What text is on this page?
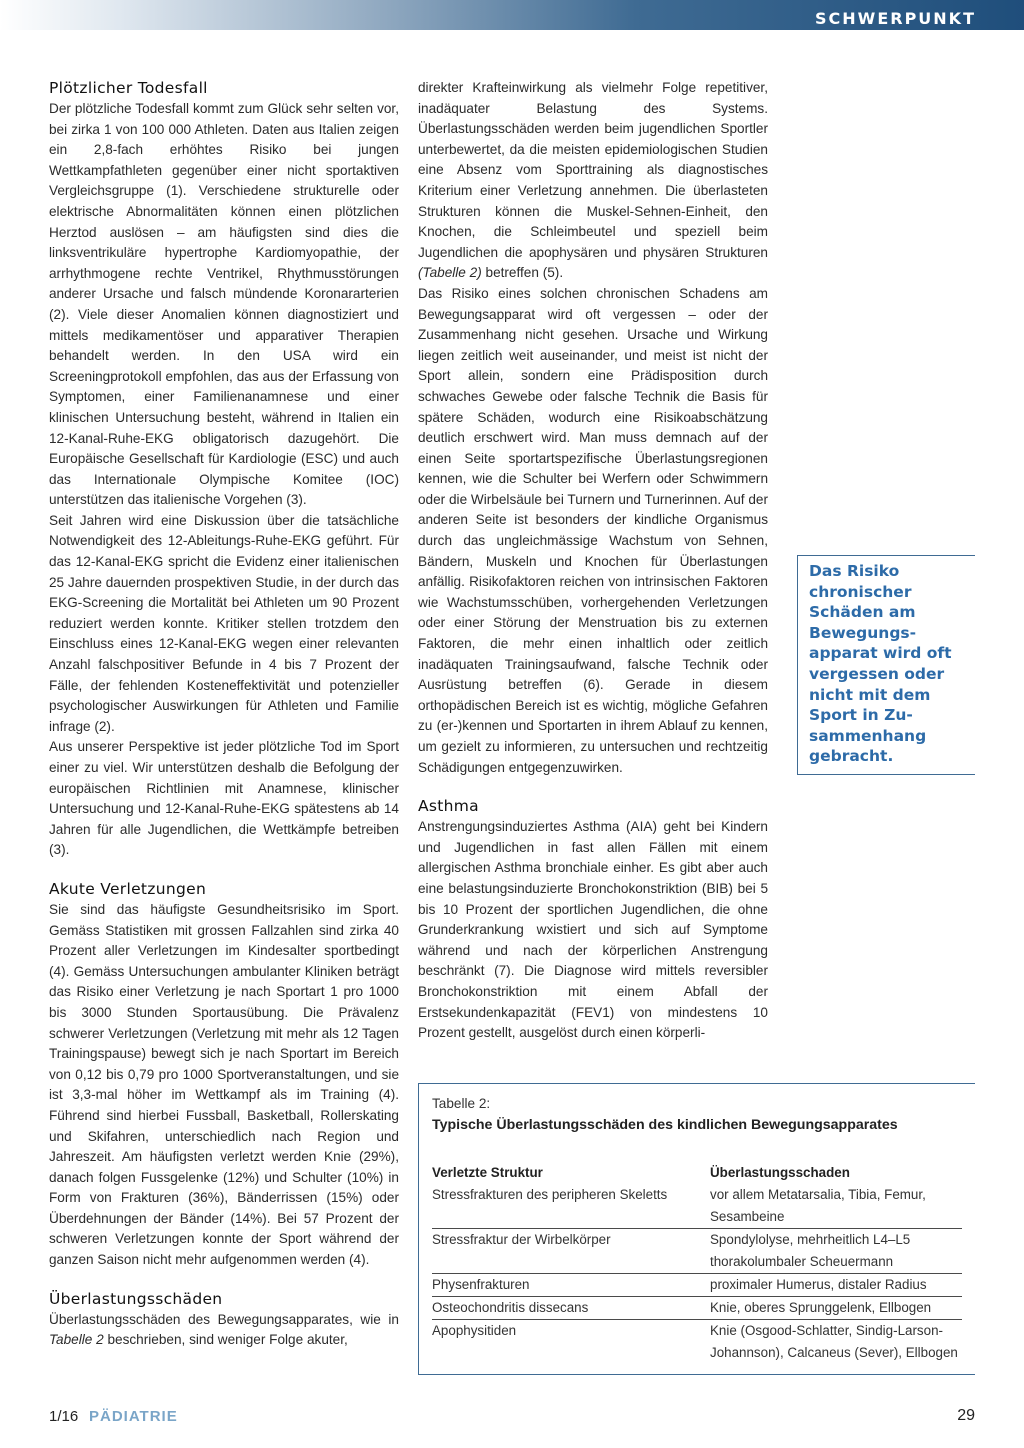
SCHWERPUNKT
Plötzlicher Todesfall

Der plötzliche Todesfall kommt zum Glück sehr selten vor, bei zirka 1 von 100 000 Athleten. Daten aus Italien zeigen ein 2,8-fach erhöhtes Risiko bei jungen Wettkampfathleten gegenüber einer nicht sportaktiven Vergleichsgruppe (1). Verschiedene strukturelle oder elektrische Abnormalitäten können einen plötzlichen Herztod auslösen – am häufigsten sind dies die linksventrikuläre hypertrophe Kardiomyopathie, der arrhythmogene rechte Ventrikel, Rhythmusstörungen anderer Ursache und falsch mündende Koronararterien (2). Viele dieser Anomalien können diagnostiziert und mittels medikamentöser und apparativer Therapien behandelt werden. In den USA wird ein Screeningprotokoll empfohlen, das aus der Erfassung von Symptomen, einer Familienanamnese und einer klinischen Untersuchung besteht, während in Italien ein 12-Kanal-Ruhe-EKG obligatorisch dazugehört. Die Europäische Gesellschaft für Kardiologie (ESC) und auch das Internationale Olympische Komitee (IOC) unterstützen das italienische Vorgehen (3).

Seit Jahren wird eine Diskussion über die tatsächliche Notwendigkeit des 12-Ableitungs-Ruhe-EKG geführt. Für das 12-Kanal-EKG spricht die Evidenz einer italienischen 25 Jahre dauernden prospektiven Studie, in der durch das EKG-Screening die Mortalität bei Athleten um 90 Prozent reduziert werden konnte. Kritiker stellen trotzdem den Einschluss eines 12-Kanal-EKG wegen einer relevanten Anzahl falschpositiver Befunde in 4 bis 7 Prozent der Fälle, der fehlenden Kosteneffektivität und potenzieller psychologischer Auswirkungen für Athleten und Familie infrage (2).

Aus unserer Perspektive ist jeder plötzliche Tod im Sport einer zu viel. Wir unterstützen deshalb die Befolgung der europäischen Richtlinien mit Anamnese, klinischer Untersuchung und 12-Kanal-Ruhe-EKG spätestens ab 14 Jahren für alle Jugendlichen, die Wettkämpfe betreiben (3).

Akute Verletzungen

Sie sind das häufigste Gesundheitsrisiko im Sport. Gemäss Statistiken mit grossen Fallzahlen sind zirka 40 Prozent aller Verletzungen im Kindesalter sportbedingt (4). Gemäss Untersuchungen ambulanter Kliniken beträgt das Risiko einer Verletzung je nach Sportart 1 pro 1000 bis 3000 Stunden Sportausübung. Die Prävalenz schwerer Verletzungen (Verletzung mit mehr als 12 Tagen Trainingspause) bewegt sich je nach Sportart im Bereich von 0,12 bis 0,79 pro 1000 Sportveranstaltungen, und sie ist 3,3-mal höher im Wettkampf als im Training (4). Führend sind hierbei Fussball, Basketball, Rollerskating und Skifahren, unterschiedlich nach Region und Jahreszeit. Am häufigsten verletzt werden Knie (29%), danach folgen Fussgelenke (12%) und Schulter (10%) in Form von Frakturen (36%), Bänderrissen (15%) oder Überdehnungen der Bänder (14%). Bei 57 Prozent der schweren Verletzungen konnte der Sport während der ganzen Saison nicht mehr aufgenommen werden (4).

Überlastungsschäden

Überlastungsschäden des Bewegungsapparates, wie in Tabelle 2 beschrieben, sind weniger Folge akuter,

direkter Krafteinwirkung als vielmehr Folge repetitiver, inadäquater Belastung des Systems. Überlastungsschäden werden beim jugendlichen Sportler unterbewertet, da die meisten epidemiologischen Studien eine Absenz vom Sporttraining als diagnostisches Kriterium einer Verletzung annehmen. Die überlasteten Strukturen können die Muskel-Sehnen-Einheit, den Knochen, die Schleimbeutel und speziell beim Jugendlichen die apophysären und physären Strukturen (Tabelle 2) betreffen (5).

Das Risiko eines solchen chronischen Schadens am Bewegungsapparat wird oft vergessen – oder der Zusammenhang nicht gesehen. Ursache und Wirkung liegen zeitlich weit auseinander, und meist ist nicht der Sport allein, sondern eine Prädisposition durch schwaches Gewebe oder falsche Technik die Basis für spätere Schäden, wodurch eine Risikoabschätzung deutlich erschwert wird. Man muss demnach auf der einen Seite sportartspezifische Überlastungsregionen kennen, wie die Schulter bei Werfern oder Schwimmern oder die Wirbelsäule bei Turnern und Turnerinnen. Auf der anderen Seite ist besonders der kindliche Organismus durch das ungleichmässige Wachstum von Sehnen, Bändern, Muskeln und Knochen für Überlastungen anfällig. Risikofaktoren reichen von intrinsischen Faktoren wie Wachstumsschüben, vorhergehenden Verletzungen oder einer Störung der Menstruation bis zu externen Faktoren, die mehr einen inhaltlich oder zeitlich inadäquaten Trainingsaufwand, falsche Technik oder Ausrüstung betreffen (6). Gerade in diesem orthopädischen Bereich ist es wichtig, mögliche Gefahren zu (er-)kennen und Sportarten in ihrem Ablauf zu kennen, um gezielt zu informieren, zu untersuchen und rechtzeitig Schädigungen entgegenzuwirken.

Asthma

Anstrengungsinduziertes Asthma (AIA) geht bei Kindern und Jugendlichen in fast allen Fällen mit einem allergischen Asthma bronchiale einher. Es gibt aber auch eine belastungsinduzierte Bronchokonstriktion (BIB) bei 5 bis 10 Prozent der sportlichen Jugendlichen, die ohne Grunderkrankung wxistiert und sich auf Symptome während und nach der körperlichen Anstrengung beschränkt (7). Die Diagnose wird mittels reversibler Bronchokonstriktion mit einem Abfall der Erstsekundenkapazität (FEV1) von mindestens 10 Prozent gestellt, ausgelöst durch einen körperli-

Das Risiko chronischer Schäden am Bewegungs-apparat wird oft vergessen oder nicht mit dem Sport in Zu-sammenhang gebracht.
Tabelle 2:
Typische Überlastungsschäden des kindlichen Bewegungsapparates
Verletzte Struktur	Überlastungsschaden
Stressfrakturen des peripheren Skeletts	vor allem Metatarsalia, Tibia, Femur, Sesambeine
Stressfraktur der Wirbelkörper	Spondylolyse, mehrheitlich L4–L5 thorakolumbaler Scheuermann
Physenfrakturen	proximaler Humerus, distaler Radius
Osteochondritis dissecans	Knie, oberes Sprunggelenk, Ellbogen
Apophysitiden	Knie (Osgood-Schlatter, Sindig-Larson-Johannson), Calcaneus (Sever), Ellbogen
1/16 PÄDIATRIE	29
